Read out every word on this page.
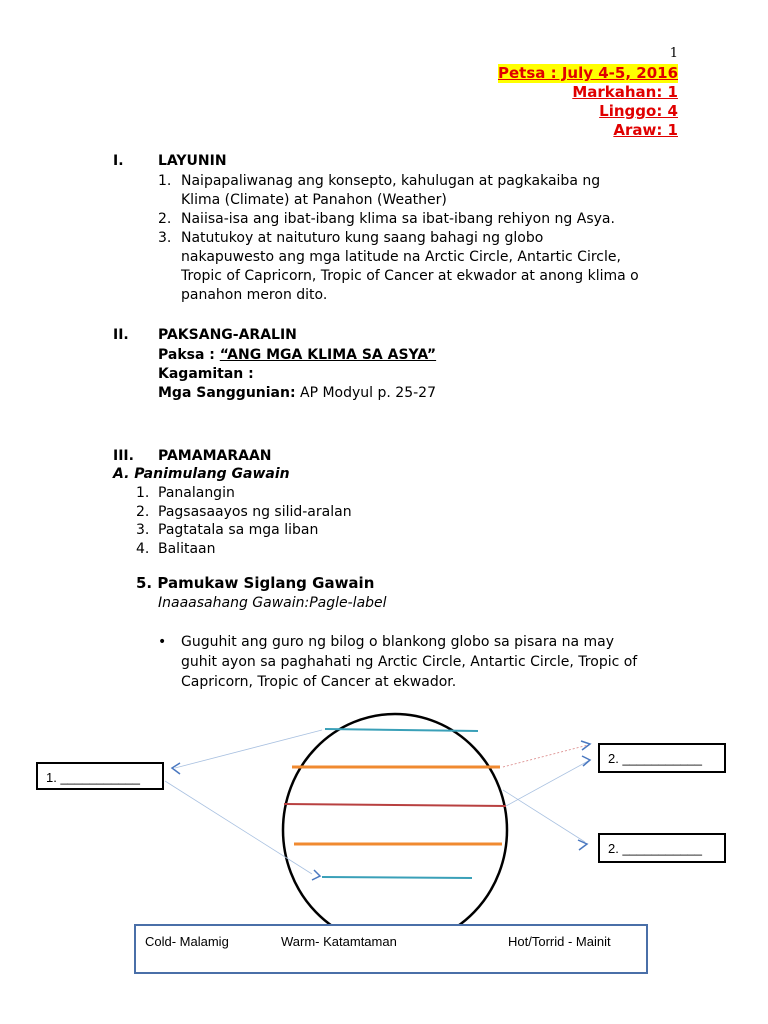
1
Petsa : July 4-5, 2016
Markahan: 1
Linggo: 4
Araw: 1
I. LAYUNIN
1. Naipapaliwanag ang konsepto, kahulugan at pagkakaiba ng
Klima (Climate) at Panahon (Weather)
2. Naiisa-isa ang ibat-ibang klima sa ibat-ibang rehiyon ng Asya.
3. Natutukoy at naituturo kung saang bahagi ng globo
nakapuwesto ang mga latitude na Arctic Circle, Antartic Circle,
Tropic of Capricorn, Tropic of Cancer at ekwador at anong klima o
panahon meron dito.
II. PAKSANG-ARALIN
Paksa : “ANG MGA KLIMA SA ASYA”
Kagamitan :
Mga Sanggunian: AP Modyul p. 25-27
III. PAMAMARAAN
A. Panimulang Gawain
1. Panalangin
2. Pagsasaayos ng silid-aralan
3. Pagtatala sa mga liban
4. Balitaan
5. Pamukaw Siglang Gawain
Inaaasahang Gawain:Pagle-label
• Guguhit ang guro ng bilog o blankong globo sa pisara na may
guhit ayon sa paghahati ng Arctic Circle, Antartic Circle, Tropic of
Capricorn, Tropic of Cancer at ekwador.
1. ___________
2. ___________
2. ___________
Cold- Malamig	Warm- Katamtaman	Hot/Torrid - Mainit
